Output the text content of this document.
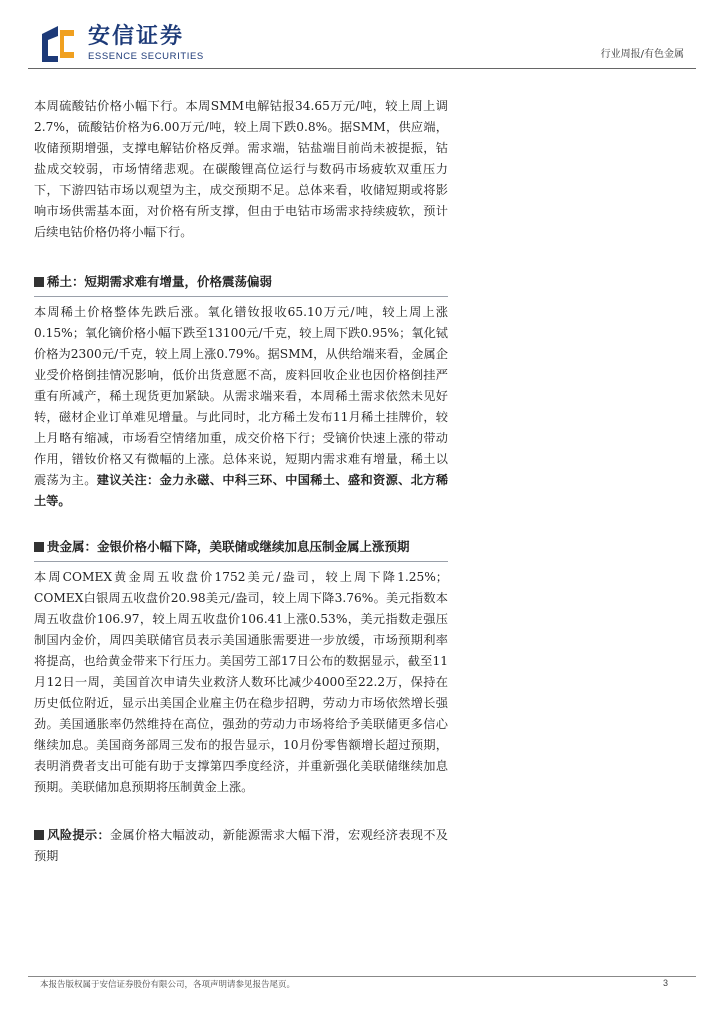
安信证券
ESSENCE SECURITIES	行业周报/有色金属

本周硫酸钴价格小幅下行。本周SMM电解钴报34.65万元/吨，较上周上调2.7%，硫酸钴价格为6.00万元/吨，较上周下跌0.8%。据SMM，供应端，收储预期增强，支撑电解钴价格反弹。需求端，钴盐端目前尚未被提振，钴盐成交较弱，市场情绪悲观。在碳酸锂高位运行与数码市场疲软双重压力下，下游四钴市场以观望为主，成交预期不足。总体来看，收储短期或将影响市场供需基本面，对价格有所支撑，但由于电钴市场需求持续疲软，预计后续电钴价格仍将小幅下行。

稀土：短期需求难有增量，价格震荡偏弱

本周稀土价格整体先跌后涨。氧化镨钕报收65.10万元/吨，较上周上涨0.15%；氧化镝价格小幅下跌至13100元/千克，较上周下跌0.95%；氧化铽价格为2300元/千克，较上周上涨0.79%。据SMM，从供给端来看，金属企业受价格倒挂情况影响，低价出货意愿不高，废料回收企业也因价格倒挂严重有所减产，稀土现货更加紧缺。从需求端来看，本周稀土需求依然未见好转，磁材企业订单难见增量。与此同时，北方稀土发布11月稀土挂牌价，较上月略有缩减，市场看空情绪加重，成交价格下行；受镝价快速上涨的带动作用，镨钕价格又有微幅的上涨。总体来说，短期内需求难有增量，稀土以震荡为主。建议关注：金力永磁、中科三环、中国稀土、盛和资源、北方稀土等。

贵金属：金银价格小幅下降，美联储或继续加息压制金属上涨预期

本周COMEX黄金周五收盘价1752美元/盎司，较上周下降1.25%；COMEX白银周五收盘价20.98美元/盎司，较上周下降3.76%。美元指数本周五收盘价106.97，较上周五收盘价106.41上涨0.53%，美元指数走强压制国内金价，周四美联储官员表示美国通胀需要进一步放缓，市场预期利率将提高，也给黄金带来下行压力。美国劳工部17日公布的数据显示，截至11月12日一周，美国首次申请失业救济人数环比减少4000至22.2万，保持在历史低位附近，显示出美国企业雇主仍在稳步招聘，劳动力市场依然增长强劲。美国通胀率仍然维持在高位，强劲的劳动力市场将给予美联储更多信心继续加息。美国商务部周三发布的报告显示，10月份零售额增长超过预期，表明消费者支出可能有助于支撑第四季度经济，并重新强化美联储继续加息预期。美联储加息预期将压制黄金上涨。

风险提示：金属价格大幅波动，新能源需求大幅下滑，宏观经济表现不及预期

本报告版权属于安信证券股份有限公司，各项声明请参见报告尾页。	3
